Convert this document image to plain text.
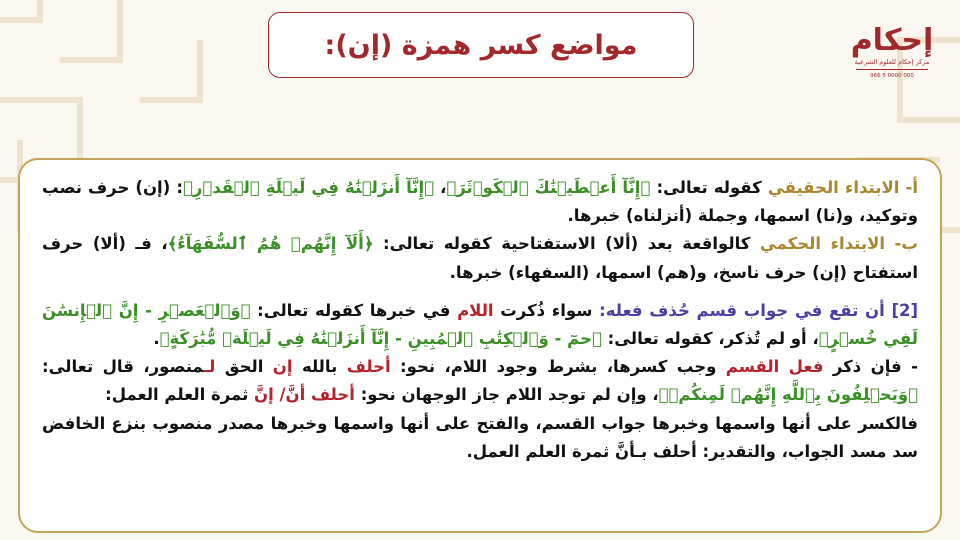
مواضع كسر همزة (إن):	إحكام
مركز إحكام للعلوم الشرعية
966 5 0000 000

أ- الابتداء الحقيقي كقوله تعالى: ﴿إِنَّآ أَعۡطَيۡنَٰكَ ٱلۡكَوۡثَرَ﴾، ﴿إِنَّآ أَنزَلۡنَٰهُ فِي لَيۡلَةِ ٱلۡقَدۡرِ﴾: (إن) حرف نصب وتوكيد، و(نا) اسمها، وجملة (أنزلناه) خبرها.

ب- الابتداء الحكمي كالواقعة بعد (ألا) الاستفتاحية كقوله تعالى: ﴿أَلَآ إِنَّهُمۡ هُمُ ٱلسُّفَهَآءُ﴾، فـ (ألا) حرف استفتاح (إن) حرف ناسخ، و(هم) اسمها، (السفهاء) خبرها.

[2] أن تقع في جواب قسم حُذف فعله: سواء ذُكرت اللام في خبرها كقوله تعالى: ﴿وَٱلۡعَصۡرِ - إِنَّ ٱلۡإِنسَٰنَ لَفِي خُسۡرٍ﴾، أو لم تُذكر، كقوله تعالى: ﴿حمٓ - وَٱلۡكِتَٰبِ ٱلۡمُبِينِ - إِنَّآ أَنزَلۡنَٰهُ فِي لَيۡلَةٖ مُّبَٰرَكَةٍ﴾.

- فإن ذكر فعل القسم وجب كسرها، بشرط وجود اللام، نحو: أحلف بالله إن الحق لـمنصور، قال تعالى: ﴿وَيَحۡلِفُونَ بِٱللَّهِ إِنَّهُمۡ لَمِنكُمۡ﴾، وإن لم توجد اللام جاز الوجهان نحو: أحلف أنَّ/ إنَّ ثمرة العلم العمل:

فالكسر على أنها واسمها وخبرها جواب القسم، والفتح على أنها واسمها وخبرها مصدر منصوب بنزع الخافض سد مسد الجواب، والتقدير: أحلف بـأنَّ ثمرة العلم العمل.
